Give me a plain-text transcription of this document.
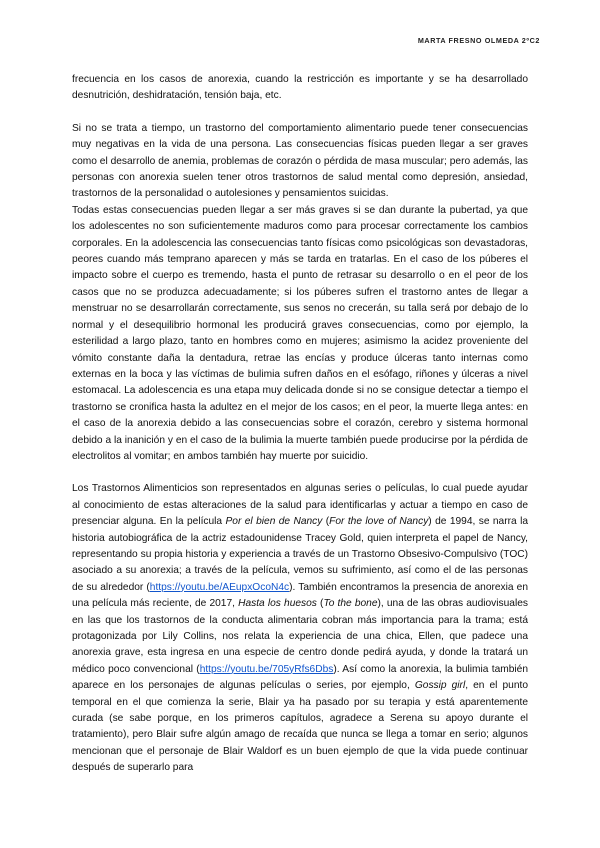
MARTA FRESNO OLMEDA 2ºC2

frecuencia en los casos de anorexia, cuando la restricción es importante y se ha desarrollado desnutrición, deshidratación, tensión baja, etc.

Si no se trata a tiempo, un trastorno del comportamiento alimentario puede tener consecuencias muy negativas en la vida de una persona. Las consecuencias físicas pueden llegar a ser graves como el desarrollo de anemia, problemas de corazón o pérdida de masa muscular; pero además, las personas con anorexia suelen tener otros trastornos de salud mental como depresión, ansiedad, trastornos de la personalidad o autolesiones y pensamientos suicidas.

Todas estas consecuencias pueden llegar a ser más graves si se dan durante la pubertad, ya que los adolescentes no son suficientemente maduros como para procesar correctamente los cambios corporales. En la adolescencia las consecuencias tanto físicas como psicológicas son devastadoras, peores cuando más temprano aparecen y más se tarda en tratarlas. En el caso de los púberes el impacto sobre el cuerpo es tremendo, hasta el punto de retrasar su desarrollo o en el peor de los casos que no se produzca adecuadamente; si los púberes sufren el trastorno antes de llegar a menstruar no se desarrollarán correctamente, sus senos no crecerán, su talla será por debajo de lo normal y el desequilibrio hormonal les producirá graves consecuencias, como por ejemplo, la esterilidad a largo plazo, tanto en hombres como en mujeres; asimismo la acidez proveniente del vómito constante daña la dentadura, retrae las encías y produce úlceras tanto internas como externas en la boca y las víctimas de bulimia sufren daños en el esófago, riñones y úlceras a nivel estomacal. La adolescencia es una etapa muy delicada donde si no se consigue detectar a tiempo el trastorno se cronifica hasta la adultez en el mejor de los casos; en el peor, la muerte llega antes: en el caso de la anorexia debido a las consecuencias sobre el corazón, cerebro y sistema hormonal debido a la inanición y en el caso de la bulimia la muerte también puede producirse por la pérdida de electrolitos al vomitar; en ambos también hay muerte por suicidio.

Los Trastornos Alimenticios son representados en algunas series o películas, lo cual puede ayudar al conocimiento de estas alteraciones de la salud para identificarlas y actuar a tiempo en caso de presenciar alguna. En la película Por el bien de Nancy (For the love of Nancy) de 1994, se narra la historia autobiográfica de la actriz estadounidense Tracey Gold, quien interpreta el papel de Nancy, representando su propia historia y experiencia a través de un Trastorno Obsesivo-Compulsivo (TOC) asociado a su anorexia; a través de la película, vemos su sufrimiento, así como el de las personas de su alrededor (https://youtu.be/AEupxOcoN4c). También encontramos la presencia de anorexia en una película más reciente, de 2017, Hasta los huesos (To the bone), una de las obras audiovisuales en las que los trastornos de la conducta alimentaria cobran más importancia para la trama; está protagonizada por Lily Collins, nos relata la experiencia de una chica, Ellen, que padece una anorexia grave, esta ingresa en una especie de centro donde pedirá ayuda, y donde la tratará un médico poco convencional (https://youtu.be/705yRfs6Dbs). Así como la anorexia, la bulimia también aparece en los personajes de algunas películas o series, por ejemplo, Gossip girl, en el punto temporal en el que comienza la serie, Blair ya ha pasado por su terapia y está aparentemente curada (se sabe porque, en los primeros capítulos, agradece a Serena su apoyo durante el tratamiento), pero Blair sufre algún amago de recaída que nunca se llega a tomar en serio; algunos mencionan que el personaje de Blair Waldorf es un buen ejemplo de que la vida puede continuar después de superarlo para
